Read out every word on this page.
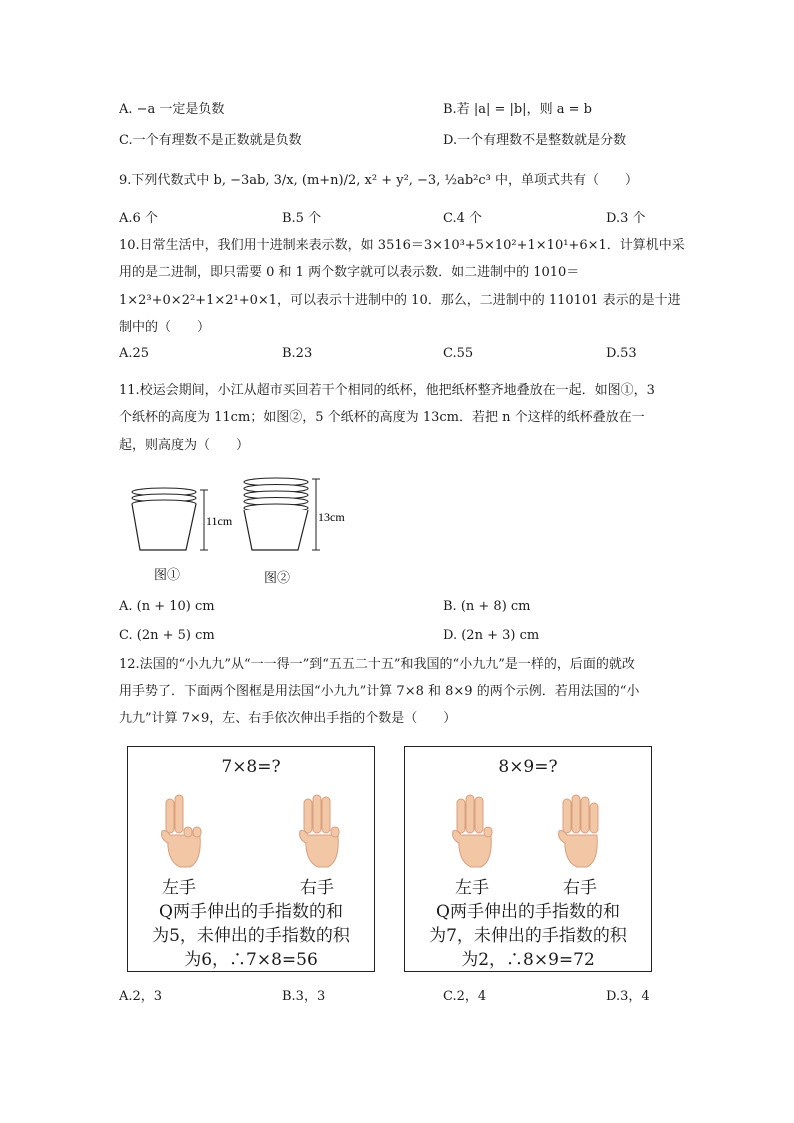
A. −a 一定是负数	B.若 |a| = |b|，则 a = b
C.一个有理数不是正数就是负数	D.一个有理数不是整数就是分数
9.下列代数式中 b, −3ab, 3/x, (m+n)/2, x² + y², −3, ½ab²c³ 中，单项式共有（　　）
A.6 个	B.5 个	C.4 个	D.3 个
10.日常生活中，我们用十进制来表示数，如 3516＝3×10³+5×10²+1×10¹+6×1．计算机中采
用的是二进制，即只需要 0 和 1 两个数字就可以表示数．如二进制中的 1010＝
1×2³+0×2²+1×2¹+0×1，可以表示十进制中的 10．那么，二进制中的 110101 表示的是十进
制中的（　　）
A.25	B.23	C.55	D.53
11.校运会期间，小江从超市买回若干个相同的纸杯，他把纸杯整齐地叠放在一起．如图①，3
个纸杯的高度为 11cm；如图②，5 个纸杯的高度为 13cm．若把 n 个这样的纸杯叠放在一
起，则高度为（　　）
11cm
图①
13cm
图②
A. (n + 10) cm	B. (n + 8) cm
C. (2n + 5) cm	D. (2n + 3) cm
12.法国的“小九九”从“一一得一”到“五五二十五”和我国的“小九九”是一样的，后面的就改
用手势了．下面两个图框是用法国“小九九”计算 7×8 和 8×9 的两个示例．若用法国的“小
九九”计算 7×9，左、右手依次伸出手指的个数是（　　）
7×8=?
左手	右手
Q两手伸出的手指数的和
为5，未伸出的手指数的积
为6，∴7×8=56
8×9=?
左手	右手
Q两手伸出的手指数的和
为7，未伸出的手指数的积
为2，∴8×9=72
A.2，3	B.3，3	C.2，4	D.3，4
